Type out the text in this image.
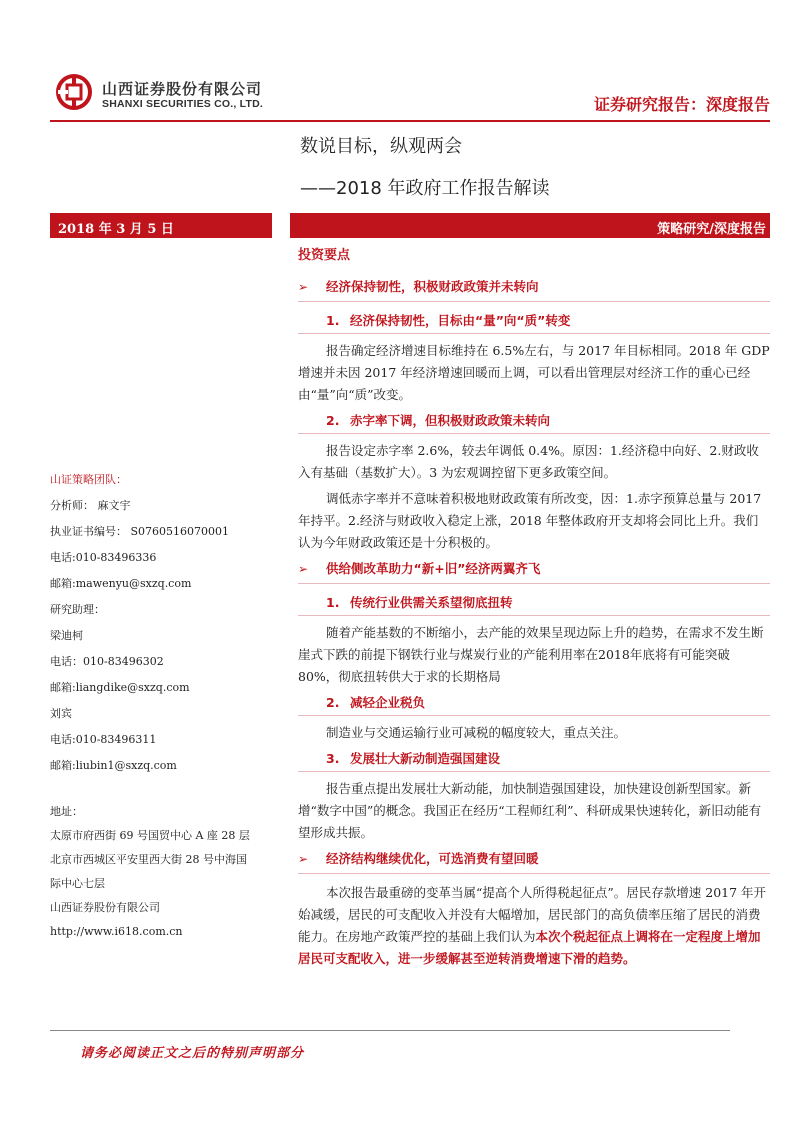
山西证券股份有限公司
SHANXI SECURITIES CO., LTD.	证券研究报告：深度报告
数说目标，纵观两会
——2018 年政府工作报告解读
2018 年 3 月 5 日	策略研究/深度报告
山证策略团队：
分析师： 麻文宇
执业证书编号： S0760516070001
电话:010-83496336
邮箱:mawenyu@sxzq.com
研究助理：
梁迪柯
电话：010-83496302
邮箱:liangdike@sxzq.com
刘宾
电话:010-83496311
邮箱:liubin1@sxzq.com
地址：
太原市府西街 69 号国贸中心 A 座 28 层
北京市西城区平安里西大街 28 号中海国
际中心七层
山西证券股份有限公司
http://www.i618.com.cn
投资要点
➢ 经济保持韧性，积极财政政策并未转向
1. 经济保持韧性，目标由“量”向“质”转变

报告确定经济增速目标维持在 6.5%左右，与 2017 年目标相同。2018 年 GDP 增速并未因 2017 年经济增速回暖而上调，可以看出管理层对经济工作的重心已经由“量”向“质”改变。

2. 赤字率下调，但积极财政政策未转向

报告设定赤字率 2.6%，较去年调低 0.4%。原因：1.经济稳中向好、2.财政收入有基础（基数扩大）。3 为宏观调控留下更多政策空间。

调低赤字率并不意味着积极地财政政策有所改变，因：1.赤字预算总量与 2017 年持平。2.经济与财政收入稳定上涨，2018 年整体政府开支却将会同比上升。我们认为今年财政政策还是十分积极的。

➢ 供给侧改革助力“新+旧”经济两翼齐飞
1. 传统行业供需关系望彻底扭转

随着产能基数的不断缩小，去产能的效果呈现边际上升的趋势，在需求不发生断崖式下跌的前提下钢铁行业与煤炭行业的产能利用率在2018年底将有可能突破 80%，彻底扭转供大于求的长期格局

2. 减轻企业税负

制造业与交通运输行业可减税的幅度较大，重点关注。

3. 发展壮大新动制造强国建设

报告重点提出发展壮大新动能，加快制造强国建设，加快建设创新型国家。新增“数字中国”的概念。我国正在经历“工程师红利”、科研成果快速转化，新旧动能有望形成共振。

➢ 经济结构继续优化，可选消费有望回暖

本次报告最重磅的变革当属“提高个人所得税起征点”。居民存款增速 2017 年开始减缓，居民的可支配收入并没有大幅增加，居民部门的高负债率压缩了居民的消费能力。在房地产政策严控的基础上我们认为本次个税起征点上调将在一定程度上增加居民可支配收入，进一步缓解甚至逆转消费增速下滑的趋势。

请务必阅读正文之后的特别声明部分
